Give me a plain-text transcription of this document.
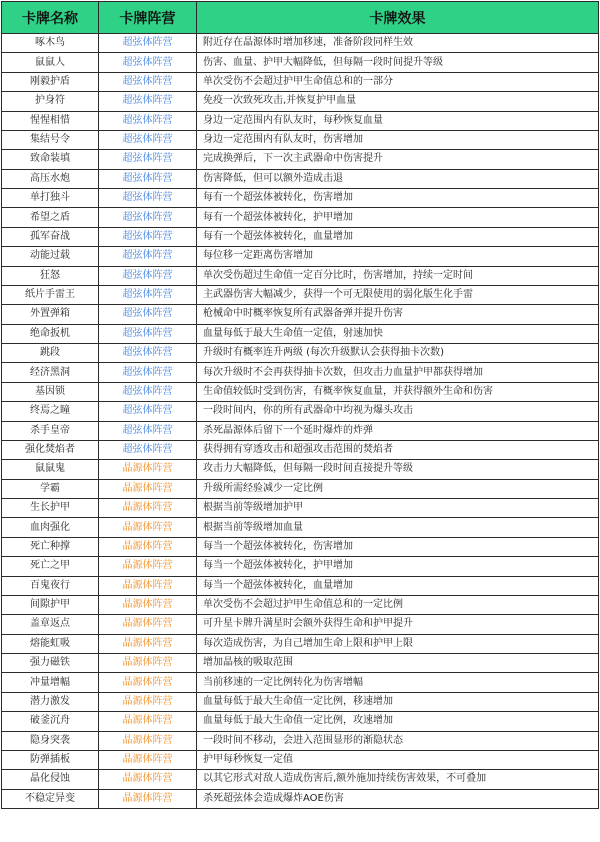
卡牌名称	卡牌阵营	卡牌效果
啄木鸟	超弦体阵营	附近存在晶源体时增加移速，准备阶段同样生效
鼠鼠人	超弦体阵营	伤害、血量、护甲大幅降低，但每隔一段时间提升等级
刚毅护盾	超弦体阵营	单次受伤不会超过护甲生命值总和的一部分
护身符	超弦体阵营	免疫一次致死攻击,并恢复护甲血量
惺惺相惜	超弦体阵营	身边一定范围内有队友时，每秒恢复血量
集结号令	超弦体阵营	身边一定范围内有队友时，伤害增加
致命装填	超弦体阵营	完成换弹后，下一次主武器命中伤害提升
高压水炮	超弦体阵营	伤害降低，但可以额外造成击退
单打独斗	超弦体阵营	每有一个超弦体被转化，伤害增加
希望之盾	超弦体阵营	每有一个超弦体被转化，护甲增加
孤军奋战	超弦体阵营	每有一个超弦体被转化，血量增加
动能过载	超弦体阵营	每位移一定距离伤害增加
狂怒	超弦体阵营	单次受伤超过生命值一定百分比时，伤害增加，持续一定时间
纸片手雷王	超弦体阵营	主武器伤害大幅减少，获得一个可无限使用的弱化版生化手雷
外置弹箱	超弦体阵营	枪械命中时概率恢复所有武器备弹并提升伤害
绝命扳机	超弦体阵营	血量每低于最大生命值一定值，射速加快
跳段	超弦体阵营	升级时有概率连升两级 (每次升级默认会获得抽卡次数)
经济黑洞	超弦体阵营	每次升级时不会再获得抽卡次数，但攻击力血量护甲都获得增加
基因锁	超弦体阵营	生命值较低时受到伤害，有概率恢复血量，并获得额外生命和伤害
终焉之瞳	超弦体阵营	一段时间内，你的所有武器命中均视为爆头攻击
杀手皇帝	超弦体阵营	杀死晶源体后留下一个延时爆炸的炸弹
强化焚焰者	超弦体阵营	获得拥有穿透攻击和超强攻击范围的焚焰者
鼠鼠鬼	晶源体阵营	攻击力大幅降低，但每隔一段时间直接提升等级
学霸	晶源体阵营	升级所需经验减少一定比例
生长护甲	晶源体阵营	根据当前等级增加护甲
血肉强化	晶源体阵营	根据当前等级增加血量
死亡种撑	晶源体阵营	每当一个超弦体被转化，伤害增加
死亡之甲	晶源体阵营	每当一个超弦体被转化，护甲增加
百鬼夜行	晶源体阵营	每当一个超弦体被转化，血量增加
间隙护甲	晶源体阵营	单次受伤不会超过护甲生命值总和的一定比例
盖章返点	晶源体阵营	可升星卡牌升满星时会额外获得生命和护甲提升
熔能虹吸	晶源体阵营	每次造成伤害，为自己增加生命上限和护甲上限
强力磁铁	晶源体阵营	增加晶核的吸取范围
冲量增幅	晶源体阵营	当前移速的一定比例转化为伤害增幅
潜力激发	晶源体阵营	血量每低于最大生命值一定比例，移速增加
破釜沉舟	晶源体阵营	血量每低于最大生命值一定比例，攻速增加
隐身突袭	晶源体阵营	一段时间不移动，会进入范围显形的渐隐状态
防弹插板	晶源体阵营	护甲每秒恢复一定值
晶化侵蚀	晶源体阵营	以其它形式对敌人造成伤害后,额外施加持续伤害效果，不可叠加
不稳定异变	晶源体阵营	杀死超弦体会造成爆炸AOE伤害
